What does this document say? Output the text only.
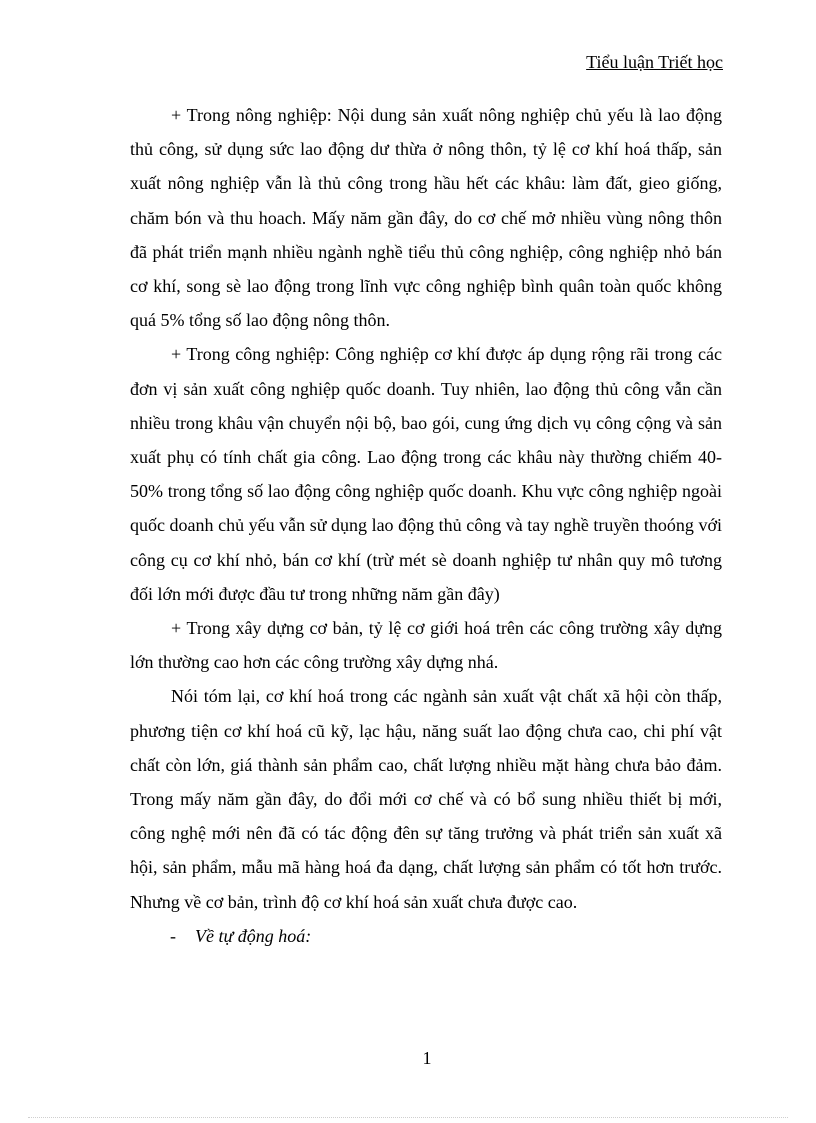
Tiểu luận Triết học

+ Trong nông nghiệp: Nội dung sản xuất nông nghiệp chủ yếu là lao động thủ công, sử dụng sức lao động dư thừa ở nông thôn, tỷ lệ cơ khí hoá thấp, sản xuất nông nghiệp vẫn là thủ công trong hầu hết các khâu: làm đất, gieo giống, chăm bón và thu hoach. Mấy năm gần đây, do cơ chế mở nhiều vùng nông thôn đã phát triển mạnh nhiều ngành nghề tiểu thủ công nghiệp, công nghiệp nhỏ bán cơ khí, song sè lao động trong lĩnh vực công nghiệp bình quân toàn quốc không quá 5% tổng số lao động nông thôn.

+ Trong công nghiệp: Công nghiệp cơ khí được áp dụng rộng rãi trong các đơn vị sản xuất công nghiệp quốc doanh. Tuy nhiên, lao động thủ công vẫn cần nhiều trong khâu vận chuyển nội bộ, bao gói, cung ứng dịch vụ công cộng và sản xuất phụ có tính chất gia công. Lao động trong các khâu này thường chiếm 40-50% trong tổng số lao động công nghiệp quốc doanh. Khu vực công nghiệp ngoài quốc doanh chủ yếu vẫn sử dụng lao động thủ công và tay nghề truyền thoóng với công cụ cơ khí nhỏ, bán cơ khí (trừ mét sè doanh nghiệp tư nhân quy mô tương đối lớn mới được đầu tư trong những năm gần đây)

+ Trong xây dựng cơ bản, tỷ lệ cơ giới hoá trên các công trường xây dựng lớn thường cao hơn các công trường xây dựng nhá.

Nói tóm lại, cơ khí hoá trong các ngành sản xuất vật chất xã hội còn thấp, phương tiện cơ khí hoá cũ kỹ, lạc hậu, năng suất lao động chưa cao, chi phí vật chất còn lớn, giá thành sản phẩm cao, chất lượng nhiều mặt hàng chưa bảo đảm. Trong mấy năm gần đây, do đổi mới cơ chế và có bổ sung nhiều thiết bị mới, công nghệ mới nên đã có tác động đên sự tăng trưởng và phát triển sản xuất xã hội, sản phẩm, mẫu mã hàng hoá đa dạng, chất lượng sản phẩm có tốt hơn trước. Nhưng về cơ bản, trình độ cơ khí hoá sản xuất chưa được cao.

- Về tự động hoá:
1
